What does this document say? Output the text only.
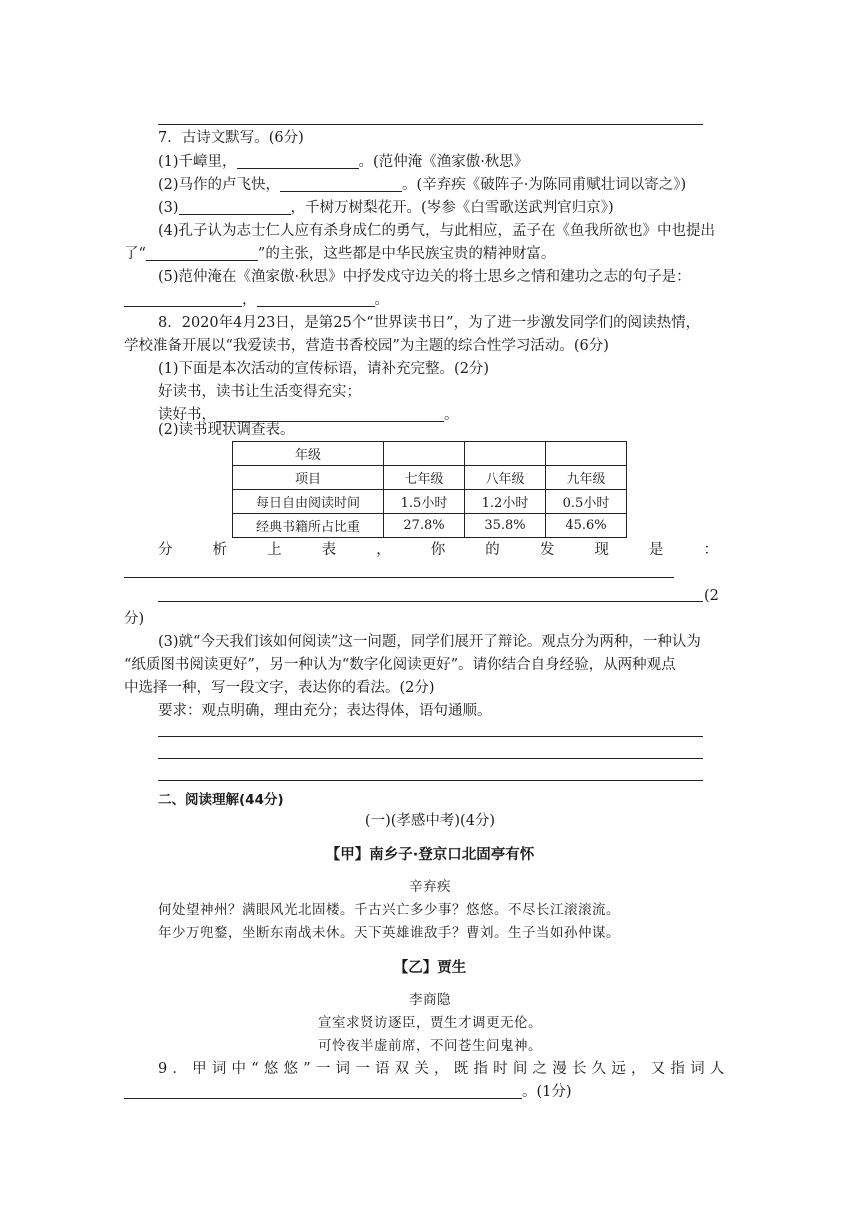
7．古诗文默写。(6分)
(1)千嶂里，	。(范仲淹《渔家傲·秋思》
(2)马作的卢飞快，	。(辛弃疾《破阵子·为陈同甫赋壮词以寄之》)
(3)	，千树万树梨花开。(岑参《白雪歌送武判官归京》)
(4)孔子认为志士仁人应有杀身成仁的勇气，与此相应，孟子在《鱼我所欲也》中也提出
了“	”的主张，这些都是中华民族宝贵的精神财富。
(5)范仲淹在《渔家傲·秋思》中抒发戍守边关的将士思乡之情和建功之志的句子是：
，	。
8．2020年4月23日，是第25个“世界读书日”，为了进一步激发同学们的阅读热情，
学校准备开展以“我爱读书，营造书香校园”为主题的综合性学习活动。(6分)
(1)下面是本次活动的宣传标语，请补充完整。(2分)
好读书，读书让生活变得充实；
读好书，	。
(2)读书现状调查表。
年级			
项目	七年级	八年级	九年级
每日自由阅读时间	1.5小时	1.2小时	0.5小时
经典书籍所占比重	27.8%	35.8%	45.6%
分	析	上	表	，	你	的	发	现	是	：
(2
分)
(3)就“今天我们该如何阅读”这一问题，同学们展开了辩论。观点分为两种，一种认为
“纸质图书阅读更好”，另一种认为“数字化阅读更好”。请你结合自身经验，从两种观点
中选择一种，写一段文字，表达你的看法。(2分)
要求：观点明确，理由充分；表达得体，语句通顺。
二、阅读理解(44分)
(一)(孝感中考)(4分)
【甲】南乡子·登京口北固亭有怀
辛弃疾
何处望神州？满眼风光北固楼。千古兴亡多少事？悠悠。不尽长江滚滚流。
年少万兜鍪，坐断东南战未休。天下英雄谁敌手？曹刘。生子当如孙仲谋。
【乙】贾生
李商隐
宣室求贤访逐臣，贾生才调更无伦。
可怜夜半虚前席，不问苍生问鬼神。
9．甲词中“悠悠”一词一语双关，既指时间之漫长久远，又指词人
。(1分)
